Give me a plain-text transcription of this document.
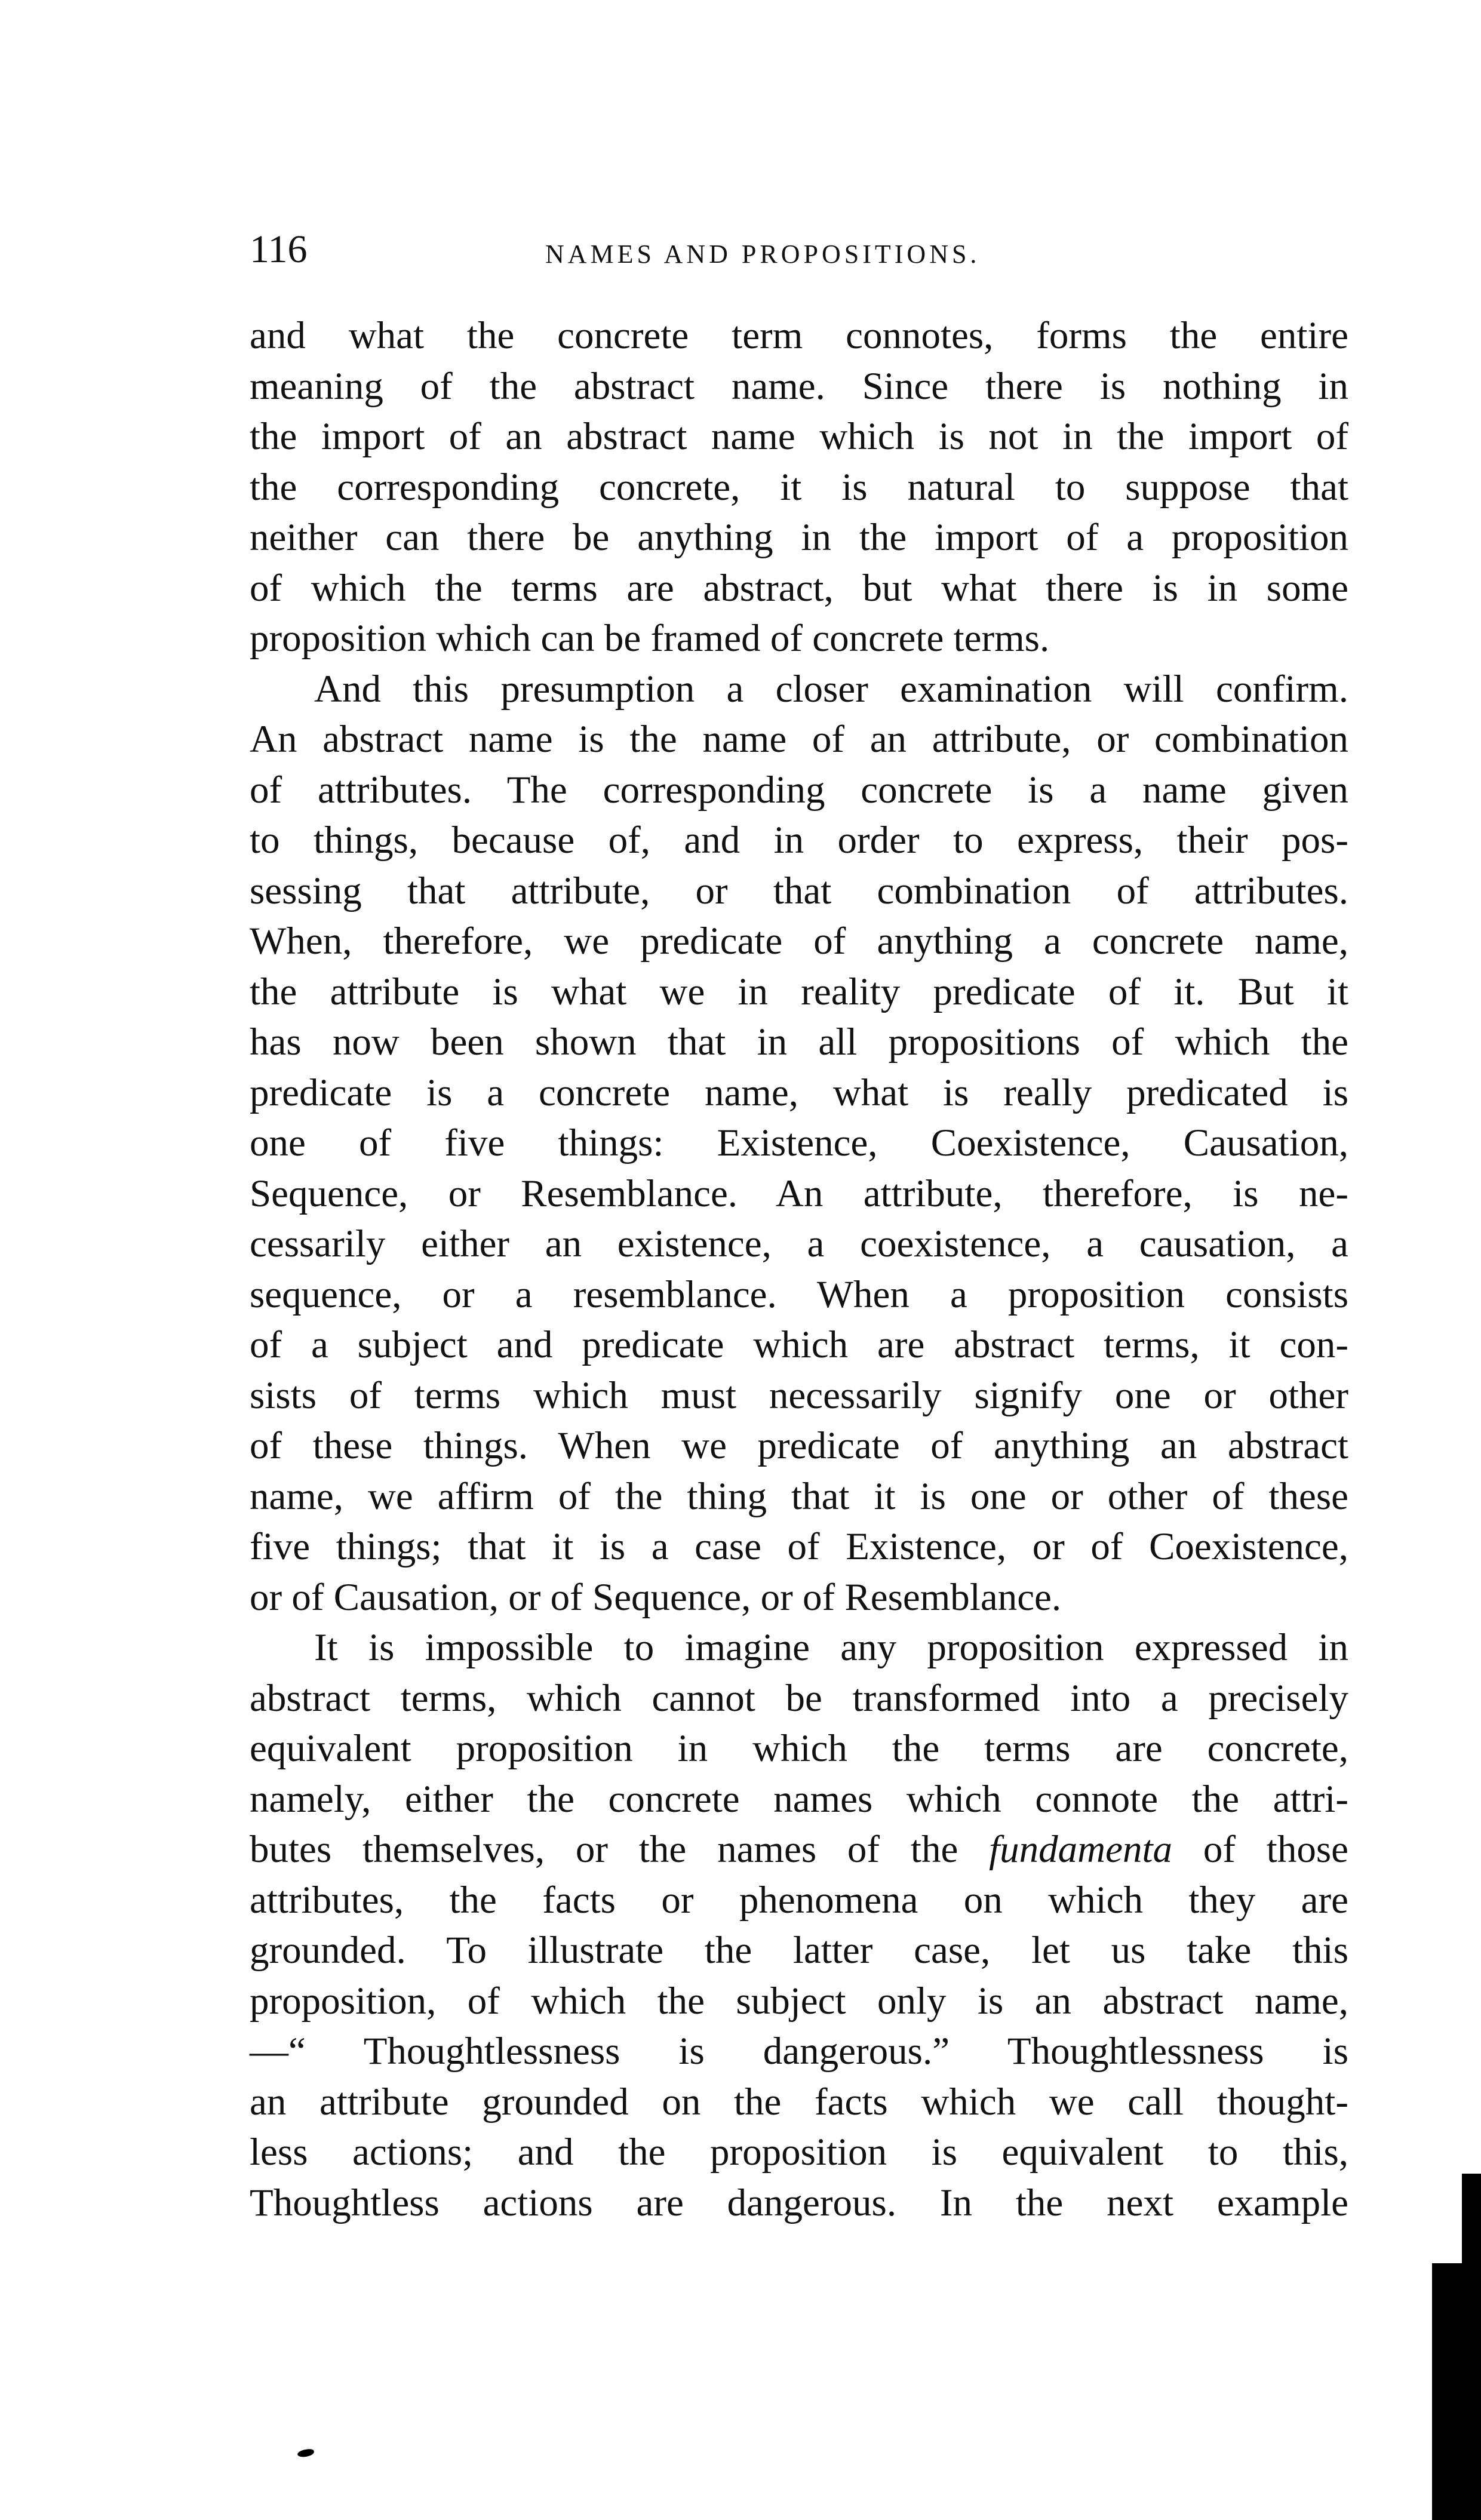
116	NAMES AND PROPOSITIONS.
and what the concrete term connotes, forms the entire
meaning of the abstract name. Since there is nothing in
the import of an abstract name which is not in the import of
the corresponding concrete, it is natural to suppose that
neither can there be anything in the import of a proposition
of which the terms are abstract, but what there is in some
proposition which can be framed of concrete terms.
And this presumption a closer examination will confirm.
An abstract name is the name of an attribute, or combination
of attributes. The corresponding concrete is a name given
to things, because of, and in order to express, their pos-
sessing that attribute, or that combination of attributes.
When, therefore, we predicate of anything a concrete name,
the attribute is what we in reality predicate of it. But it
has now been shown that in all propositions of which the
predicate is a concrete name, what is really predicated is
one of five things: Existence, Coexistence, Causation,
Sequence, or Resemblance. An attribute, therefore, is ne-
cessarily either an existence, a coexistence, a causation, a
sequence, or a resemblance. When a proposition consists
of a subject and predicate which are abstract terms, it con-
sists of terms which must necessarily signify one or other
of these things. When we predicate of anything an abstract
name, we affirm of the thing that it is one or other of these
five things; that it is a case of Existence, or of Coexistence,
or of Causation, or of Sequence, or of Resemblance.
It is impossible to imagine any proposition expressed in
abstract terms, which cannot be transformed into a precisely
equivalent proposition in which the terms are concrete,
namely, either the concrete names which connote the attri-
butes themselves, or the names of the fundamenta of those
attributes, the facts or phenomena on which they are
grounded. To illustrate the latter case, let us take this
proposition, of which the subject only is an abstract name,
—“ Thoughtlessness is dangerous.” Thoughtlessness is
an attribute grounded on the facts which we call thought-
less actions; and the proposition is equivalent to this,
Thoughtless actions are dangerous. In the next example
